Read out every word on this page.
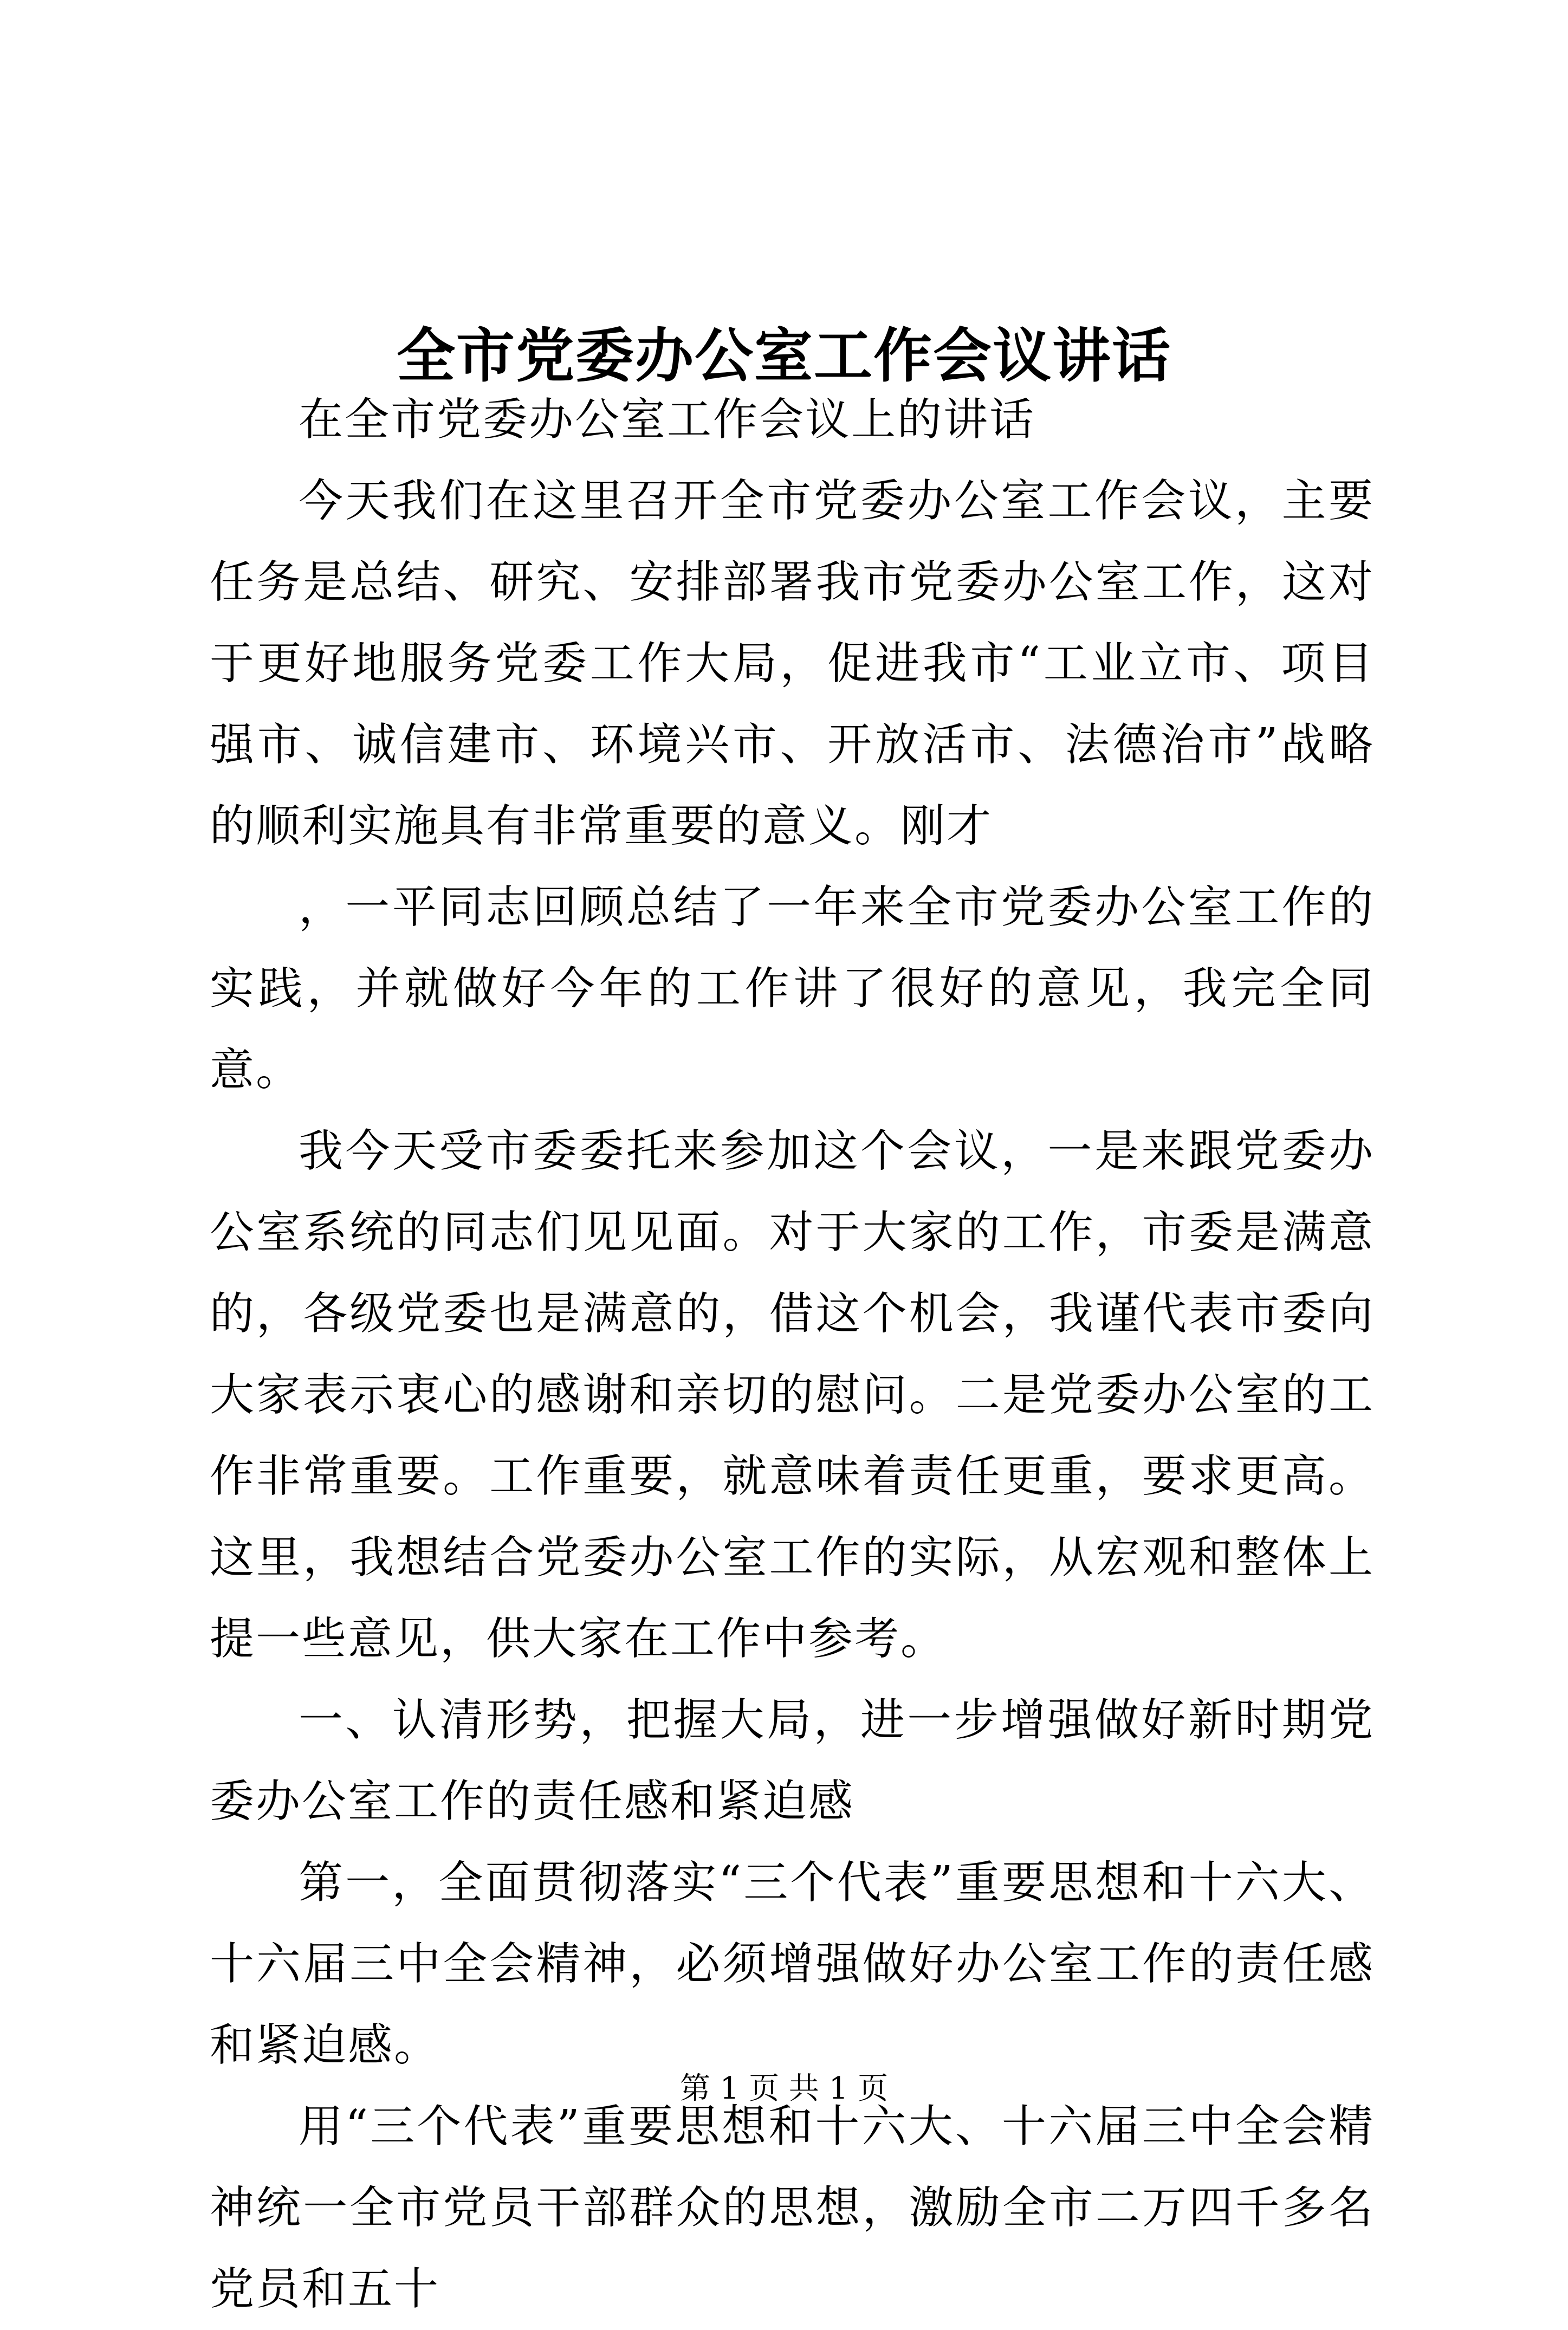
全市党委办公室工作会议讲话

在全市党委办公室工作会议上的讲话

今天我们在这里召开全市党委办公室工作会议，主要任务是总结、研究、安排部署我市党委办公室工作，这对于更好地服务党委工作大局，促进我市“工业立市、项目强市、诚信建市、环境兴市、开放活市、法德治市”战略的顺利实施具有非常重要的意义。刚才

，一平同志回顾总结了一年来全市党委办公室工作的实践，并就做好今年的工作讲了很好的意见，我完全同意。

我今天受市委委托来参加这个会议，一是来跟党委办公室系统的同志们见见面。对于大家的工作，市委是满意的，各级党委也是满意的，借这个机会，我谨代表市委向大家表示衷心的感谢和亲切的慰问。二是党委办公室的工作非常重要。工作重要，就意味着责任更重，要求更高。这里，我想结合党委办公室工作的实际，从宏观和整体上提一些意见，供大家在工作中参考。

一、认清形势，把握大局，进一步增强做好新时期党委办公室工作的责任感和紧迫感

第一，全面贯彻落实“三个代表”重要思想和十六大、十六届三中全会精神，必须增强做好办公室工作的责任感和紧迫感。

用“三个代表”重要思想和十六大、十六届三中全会精神统一全市党员干部群众的思想，激励全市二万四千多名党员和五十

第 1 页 共 1 页
